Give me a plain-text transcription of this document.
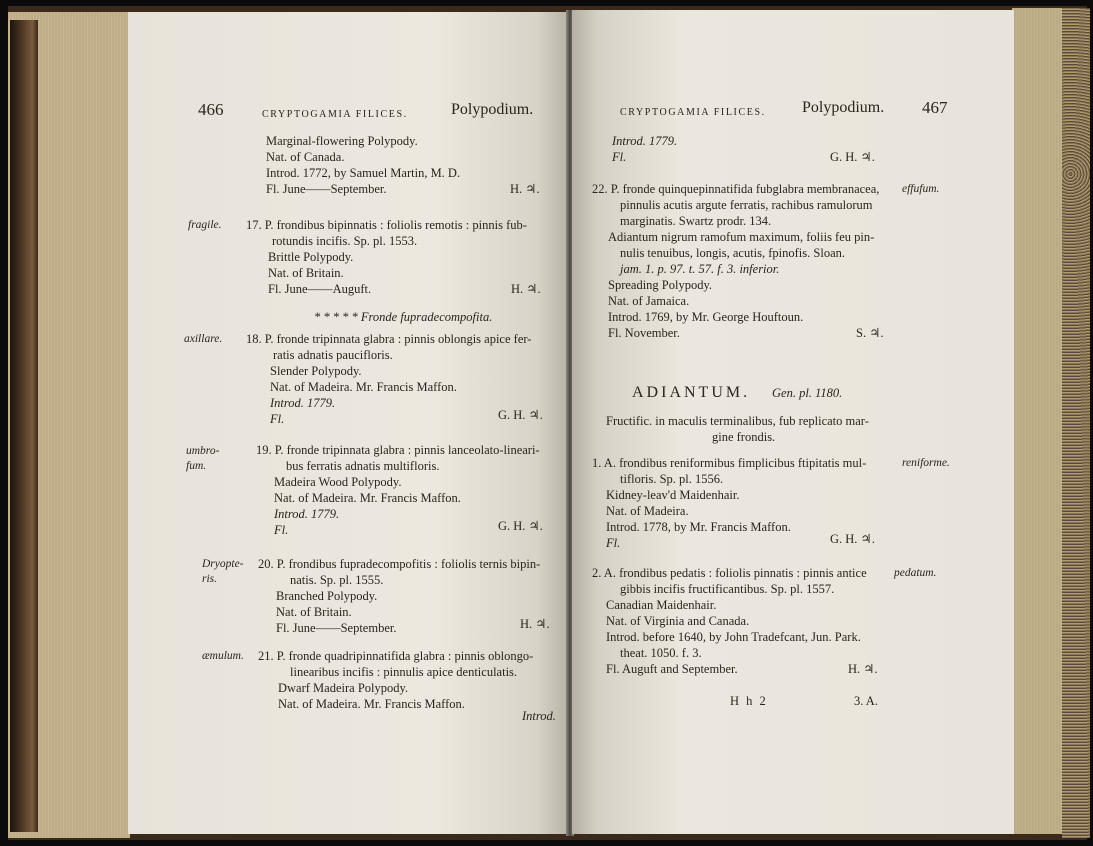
466	CRYPTOGAMIA FILICES.	Polypodium.
Marginal-flowering Polypody.
Nat. of Canada.
Introd. 1772, by Samuel Martin, M. D.
Fl. June——September.	H. ♃.
fragile. 17. P. frondibus bipinnatis : foliolis remotis : pinnis fub-
rotundis incifis. Sp. pl. 1553.
Brittle Polypody.
Nat. of Britain.
Fl. June——Auguft.	H. ♃.
* * * * * Fronde fupradecompofita.
axillare. 18. P. fronde tripinnata glabra : pinnis oblongis apice fer-
ratis adnatis paucifloris.
Slender Polypody.
Nat. of Madeira. Mr. Francis Maffon.
Introd. 1779.
Fl.	G. H. ♃.
umbro-
fum.
19. P. fronde tripinnata glabra : pinnis lanceolato-lineari-
bus ferratis adnatis multifloris.
Madeira Wood Polypody.
Nat. of Madeira. Mr. Francis Maffon.
Introd. 1779.
Fl.	G. H. ♃.
Dryopte-
ris.
20. P. frondibus fupradecompofitis : foliolis ternis bipin-
natis. Sp. pl. 1555.
Branched Polypody.
Nat. of Britain.
Fl. June——September.	H. ♃.
æmulum. 21. P. fronde quadripinnatifida glabra : pinnis oblongo-
linearibus incifis : pinnulis apice denticulatis.
Dwarf Madeira Polypody.
Nat. of Madeira. Mr. Francis Maffon.
Introd.
CRYPTOGAMIA FILICES. Polypodium. 467
Introd. 1779.
Fl.	G. H. ♃.
22. P. fronde quinquepinnatifida fubglabra membranacea, effufum.
pinnulis acutis argute ferratis, rachibus ramulorum
marginatis. Swartz prodr. 134.
Adiantum nigrum ramofum maximum, foliis feu pin-
nulis tenuibus, longis, acutis, fpinofis. Sloan.
jam. 1. p. 97. t. 57. f. 3. inferior.
Spreading Polypody.
Nat. of Jamaica.
Introd. 1769, by Mr. George Houftoun.
Fl. November.	S. ♃.
ADIANTUM. Gen. pl. 1180.
Fructific. in maculis terminalibus, fub replicato mar-
gine frondis.
1. A. frondibus reniformibus fimplicibus ftipitatis mul-	reniforme.
tifloris. Sp. pl. 1556.
Kidney-leav'd Maidenhair.
Nat. of Madeira.
Introd. 1778, by Mr. Francis Maffon.
Fl.	G. H. ♃.
2. A. frondibus pedatis : foliolis pinnatis : pinnis antice pedatum.
gibbis incifis fructificantibus. Sp. pl. 1557.
Canadian Maidenhair.
Nat. of Virginia and Canada.
Introd. before 1640, by John Tradefcant, Jun. Park.
theat. 1050. f. 3.
Fl. Auguft and September.	H. ♃.
H h 2	3. A.
